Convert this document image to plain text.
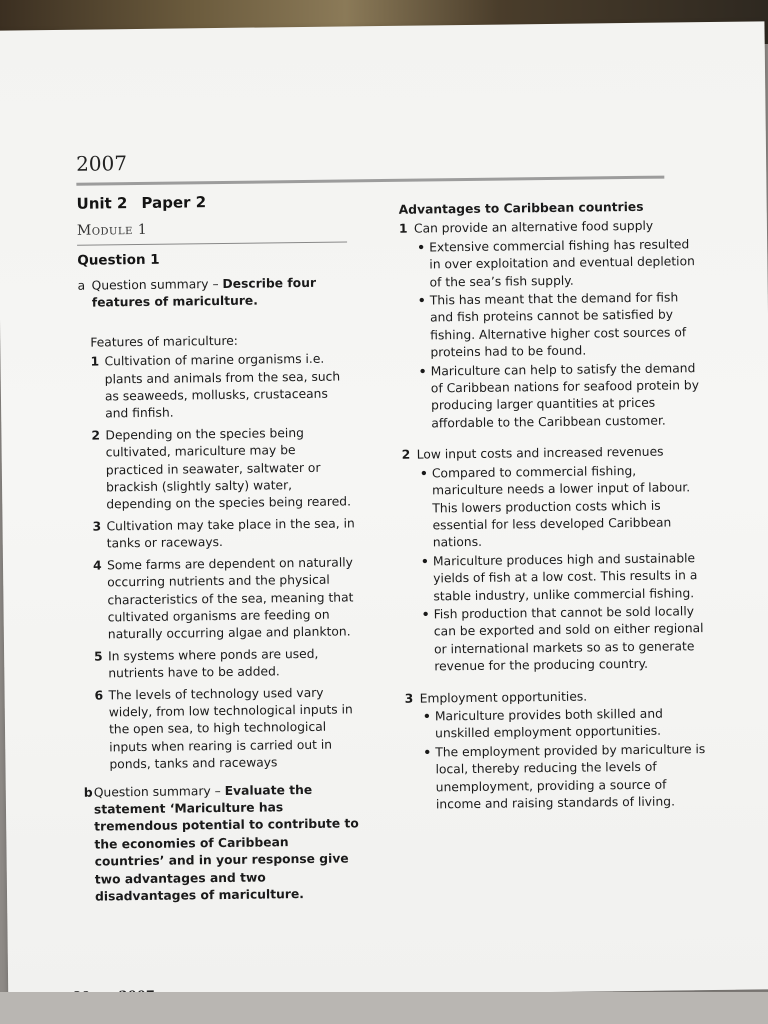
2007
Unit 2 Paper 2
Module 1
Question 1
a Question summary – Describe four features of mariculture.
Features of mariculture:
1 Cultivation of marine organisms i.e. plants and animals from the sea, such as seaweeds, mollusks, crustaceans and finfish.
2 Depending on the species being cultivated, mariculture may be practiced in seawater, saltwater or brackish (slightly salty) water, depending on the species being reared.
3 Cultivation may take place in the sea, in tanks or raceways.
4 Some farms are dependent on naturally occurring nutrients and the physical characteristics of the sea, meaning that cultivated organisms are feeding on naturally occurring algae and plankton.
5 In systems where ponds are used, nutrients have to be added.
6 The levels of technology used vary widely, from low technological inputs in the open sea, to high technological inputs when rearing is carried out in ponds, tanks and raceways
b Question summary – Evaluate the statement ‘Mariculture has tremendous potential to contribute to the economies of Caribbean countries’ and in your response give two advantages and two disadvantages of mariculture.
Advantages to Caribbean countries
1 Can provide an alternative food supply
• Extensive commercial fishing has resulted in over exploitation and eventual depletion of the sea’s fish supply.
• This has meant that the demand for fish and fish proteins cannot be satisfied by fishing. Alternative higher cost sources of proteins had to be found.
• Mariculture can help to satisfy the demand of Caribbean nations for seafood protein by producing larger quantities at prices affordable to the Caribbean customer.
2 Low input costs and increased revenues
• Compared to commercial fishing, mariculture needs a lower input of labour. This lowers production costs which is essential for less developed Caribbean nations.
• Mariculture produces high and sustainable yields of fish at a low cost. This results in a stable industry, unlike commercial fishing.
• Fish production that cannot be sold locally can be exported and sold on either regional or international markets so as to generate revenue for the producing country.
3 Employment opportunities.
• Mariculture provides both skilled and unskilled employment opportunities.
• The employment provided by mariculture is local, thereby reducing the levels of unemployment, providing a source of income and raising standards of living.
